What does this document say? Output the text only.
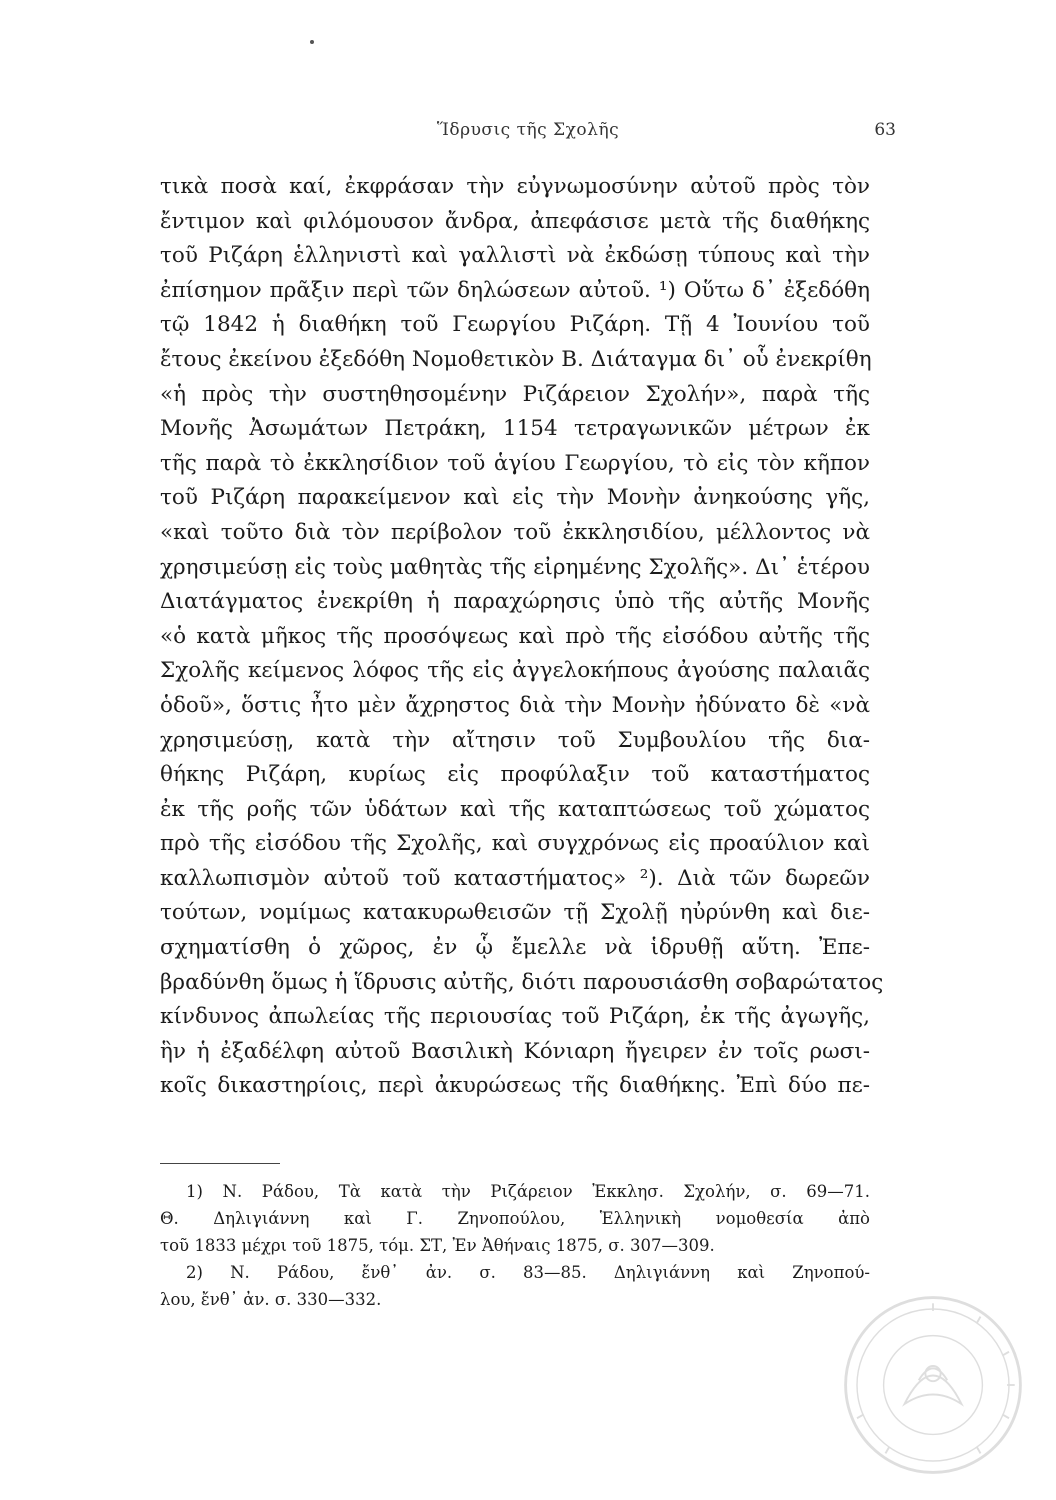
Ἵδρυσις τῆς Σχολῆς	63
τικὰ ποσὰ καί, ἐκφράσαν τὴν εὐγνωμοσύνην αὐτοῦ πρὸς τὸν
ἔντιμον καὶ φιλόμουσον ἄνδρα, ἀπεφάσισε μετὰ τῆς διαθήκης
τοῦ Ριζάρη ἑλληνιστὶ καὶ γαλλιστὶ νὰ ἐκδώσῃ τύπους καὶ τὴν
ἐπίσημον πρᾶξιν περὶ τῶν δηλώσεων αὐτοῦ. ¹) Οὕτω δ᾽ ἐξεδόθη
τῷ 1842 ἡ διαθήκη τοῦ Γεωργίου Ριζάρη. Τῇ 4 Ἰουνίου τοῦ
ἔτους ἐκείνου ἐξεδόθη Νομοθετικὸν Β. Διάταγμα δι᾽ οὗ ἐνεκρίθη
«ἡ πρὸς τὴν συστηθησομένην Ριζάρειον Σχολήν», παρὰ τῆς
Μονῆς Ἀσωμάτων Πετράκη, 1154 τετραγωνικῶν μέτρων ἐκ
τῆς παρὰ τὸ ἐκκλησίδιον τοῦ ἁγίου Γεωργίου, τὸ εἰς τὸν κῆπον
τοῦ Ριζάρη παρακείμενον καὶ εἰς τὴν Μονὴν ἀνηκούσης γῆς,
«καὶ τοῦτο διὰ τὸν περίβολον τοῦ ἐκκλησιδίου, μέλλοντος νὰ
χρησιμεύσῃ εἰς τοὺς μαθητὰς τῆς εἰρημένης Σχολῆς». Δι᾽ ἑτέρου
Διατάγματος ἐνεκρίθη ἡ παραχώρησις ὑπὸ τῆς αὐτῆς Μονῆς
«ὁ κατὰ μῆκος τῆς προσόψεως καὶ πρὸ τῆς εἰσόδου αὐτῆς τῆς
Σχολῆς κείμενος λόφος τῆς εἰς ἀγγελοκήπους ἀγούσης παλαιᾶς
ὁδοῦ», ὅστις ἦτο μὲν ἄχρηστος διὰ τὴν Μονὴν ἠδύνατο δὲ «νὰ
χρησιμεύσῃ, κατὰ τὴν αἴτησιν τοῦ Συμβουλίου τῆς δια-
θήκης Ριζάρη, κυρίως εἰς προφύλαξιν τοῦ καταστήματος
ἐκ τῆς ροῆς τῶν ὑδάτων καὶ τῆς καταπτώσεως τοῦ χώματος
πρὸ τῆς εἰσόδου τῆς Σχολῆς, καὶ συγχρόνως εἰς προαύλιον καὶ
καλλωπισμὸν αὐτοῦ τοῦ καταστήματος» ²). Διὰ τῶν δωρεῶν
τούτων, νομίμως κατακυρωθεισῶν τῇ Σχολῇ ηὐρύνθη καὶ διε-
σχηματίσθη ὁ χῶρος, ἐν ᾧ ἔμελλε νὰ ἱδρυθῇ αὕτη. Ἐπε-
βραδύνθη ὅμως ἡ ἵδρυσις αὐτῆς, διότι παρουσιάσθη σοβαρώτατος
κίνδυνος ἀπωλείας τῆς περιουσίας τοῦ Ριζάρη, ἐκ τῆς ἀγωγῆς,
ἣν ἡ ἐξαδέλφη αὐτοῦ Βασιλικὴ Κόνιαρη ἤγειρεν ἐν τοῖς ρωσι-
κοῖς δικαστηρίοις, περὶ ἀκυρώσεως τῆς διαθήκης. Ἐπὶ δύο πε-
1) Ν. Ράδου, Τὰ κατὰ τὴν Ριζάρειον Ἐκκλησ. Σχολήν, σ. 69—71.
Θ. Δηλιγιάννη καὶ Γ. Ζηνοπούλου, Ἑλληνικὴ νομοθεσία ἀπὸ
τοῦ 1833 μέχρι τοῦ 1875, τόμ. ΣΤ, Ἐν Ἀθήναις 1875, σ. 307—309.
2) Ν. Ράδου, ἔνθ᾽ ἀν. σ. 83—85. Δηλιγιάννη καὶ Ζηνοπού-
λου, ἔνθ᾽ ἀν. σ. 330—332.
